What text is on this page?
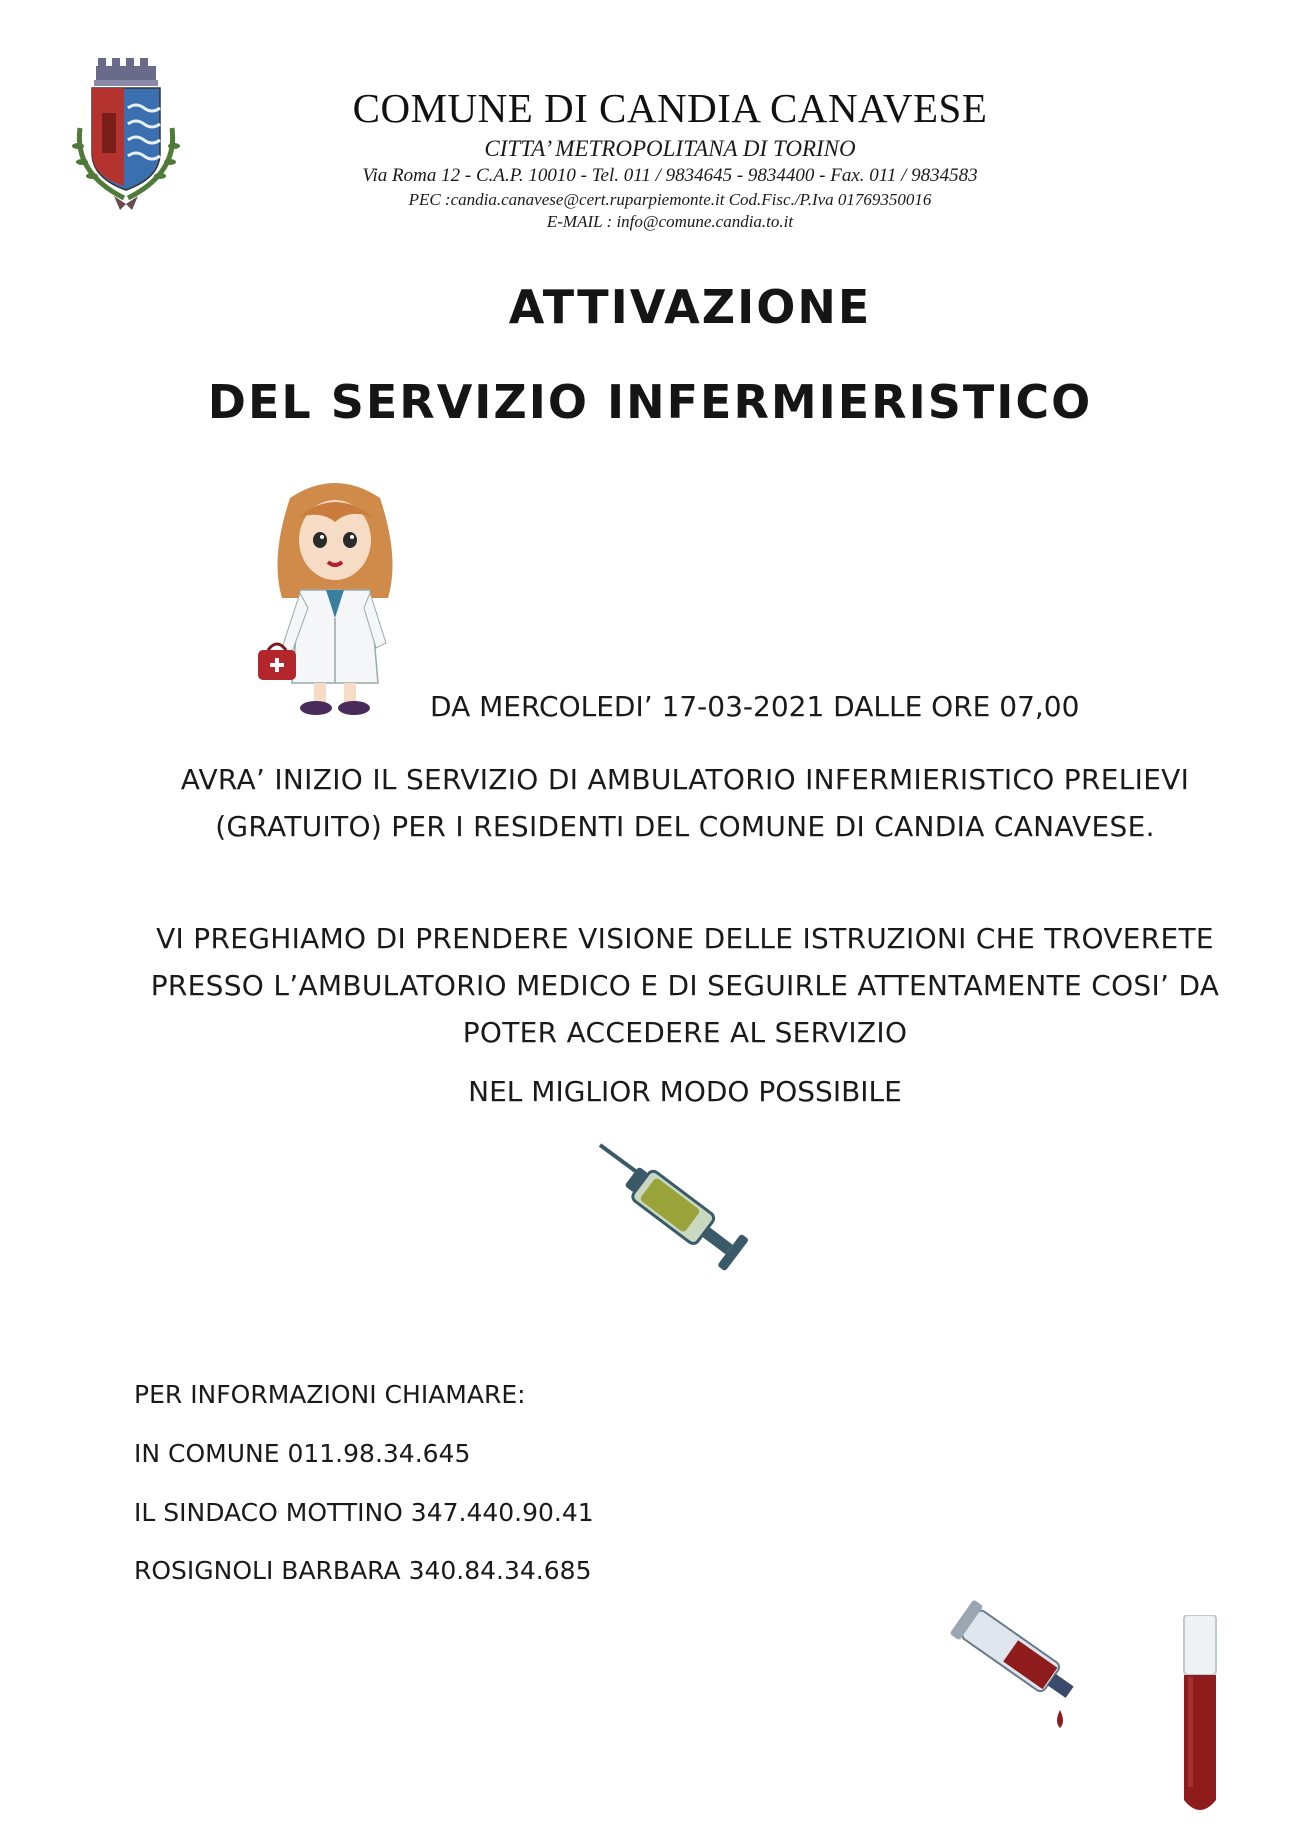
COMUNE DI CANDIA CANAVESE
CITTA’ METROPOLITANA DI TORINO
Via Roma 12 - C.A.P. 10010 - Tel. 011 / 9834645 - 9834400 - Fax. 011 / 9834583
PEC :candia.canavese@cert.ruparpiemonte.it Cod.Fisc./P.Iva 01769350016
E-MAIL : info@comune.candia.to.it
ATTIVAZIONE
DEL SERVIZIO INFERMIERISTICO
DA MERCOLEDI’ 17-03-2021 DALLE ORE 07,00
AVRA’ INIZIO IL SERVIZIO DI AMBULATORIO INFERMIERISTICO PRELIEVI (GRATUITO) PER I RESIDENTI DEL COMUNE DI CANDIA CANAVESE.
VI PREGHIAMO DI PRENDERE VISIONE DELLE ISTRUZIONI CHE TROVERETE PRESSO L’AMBULATORIO MEDICO E DI SEGUIRLE ATTENTAMENTE COSI’ DA POTER ACCEDERE AL SERVIZIO
NEL MIGLIOR MODO POSSIBILE
PER INFORMAZIONI CHIAMARE:
IN COMUNE 011.98.34.645
IL SINDACO MOTTINO 347.440.90.41
ROSIGNOLI BARBARA 340.84.34.685
